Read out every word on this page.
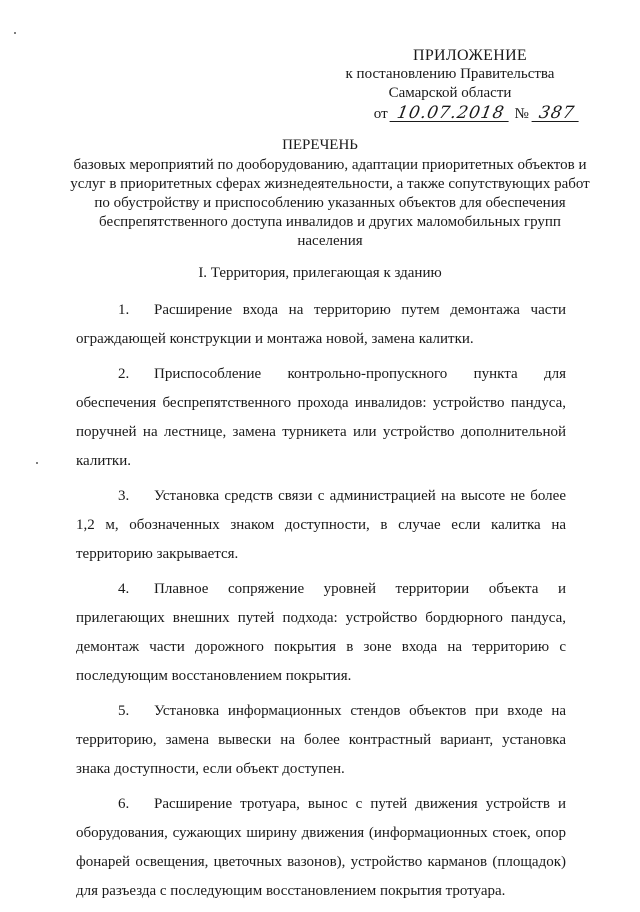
ПРИЛОЖЕНИЕ
к постановлению Правительства
Самарской области
от 10.07.2018 № 387
ПЕРЕЧЕНЬ
базовых мероприятий по дооборудованию, адаптации приоритетных объектов и услуг в приоритетных сферах жизнедеятельности, а также сопутствующих работ по обустройству и приспособлению указанных объектов для обеспечения беспрепятственного доступа инвалидов и других маломобильных групп населения
I. Территория, прилегающая к зданию

1. Расширение входа на территорию путем демонтажа части ограждающей конструкции и монтажа новой, замена калитки.

2. Приспособление контрольно-пропускного пункта для обеспечения беспрепятственного прохода инвалидов: устройство пандуса, поручней на лестнице, замена турникета или устройство дополнительной калитки.

3. Установка средств связи с администрацией на высоте не более 1,2 м, обозначенных знаком доступности, в случае если калитка на территорию закрывается.

4. Плавное сопряжение уровней территории объекта и прилегающих внешних путей подхода: устройство бордюрного пандуса, демонтаж части дорожного покрытия в зоне входа на территорию с последующим восстановлением покрытия.

5. Установка информационных стендов объектов при входе на территорию, замена вывески на более контрастный вариант, установка знака доступности, если объект доступен.

6. Расширение тротуара, вынос с путей движения устройств и оборудования, сужающих ширину движения (информационных стоек, опор фонарей освещения, цветочных вазонов), устройство карманов (площадок) для разъезда с последующим восстановлением покрытия тротуара.
